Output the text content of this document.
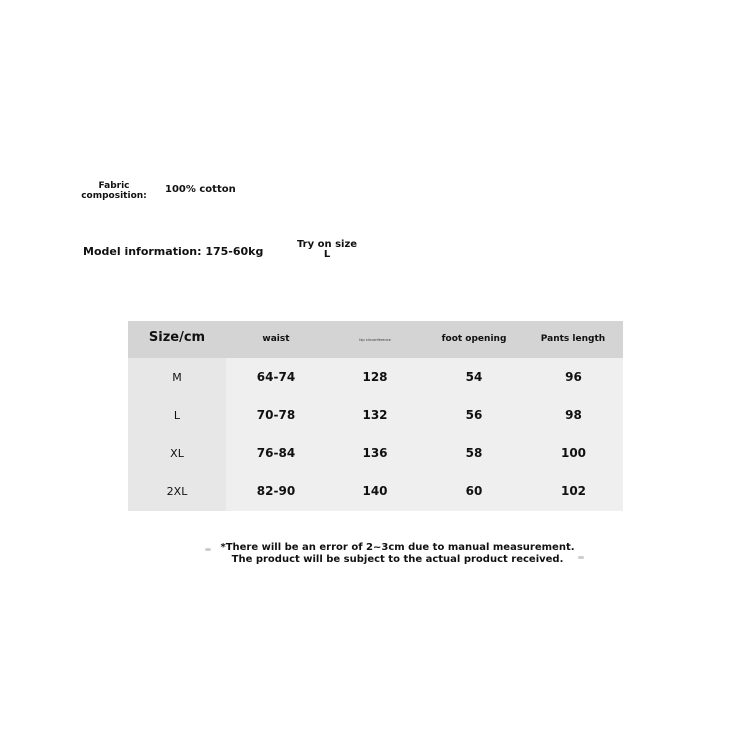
Fabric composition:
100% cotton
Model information: 175-60kg
Try on size L
Size/cm	waist	hip circumference	foot opening	Pants length
M	64-74	128	54	96
L	70-78	132	56	98
XL	76-84	136	58	100
2XL	82-90	140	60	102
*There will be an error of 2~3cm due to manual measurement. The product will be subject to the actual product received.
